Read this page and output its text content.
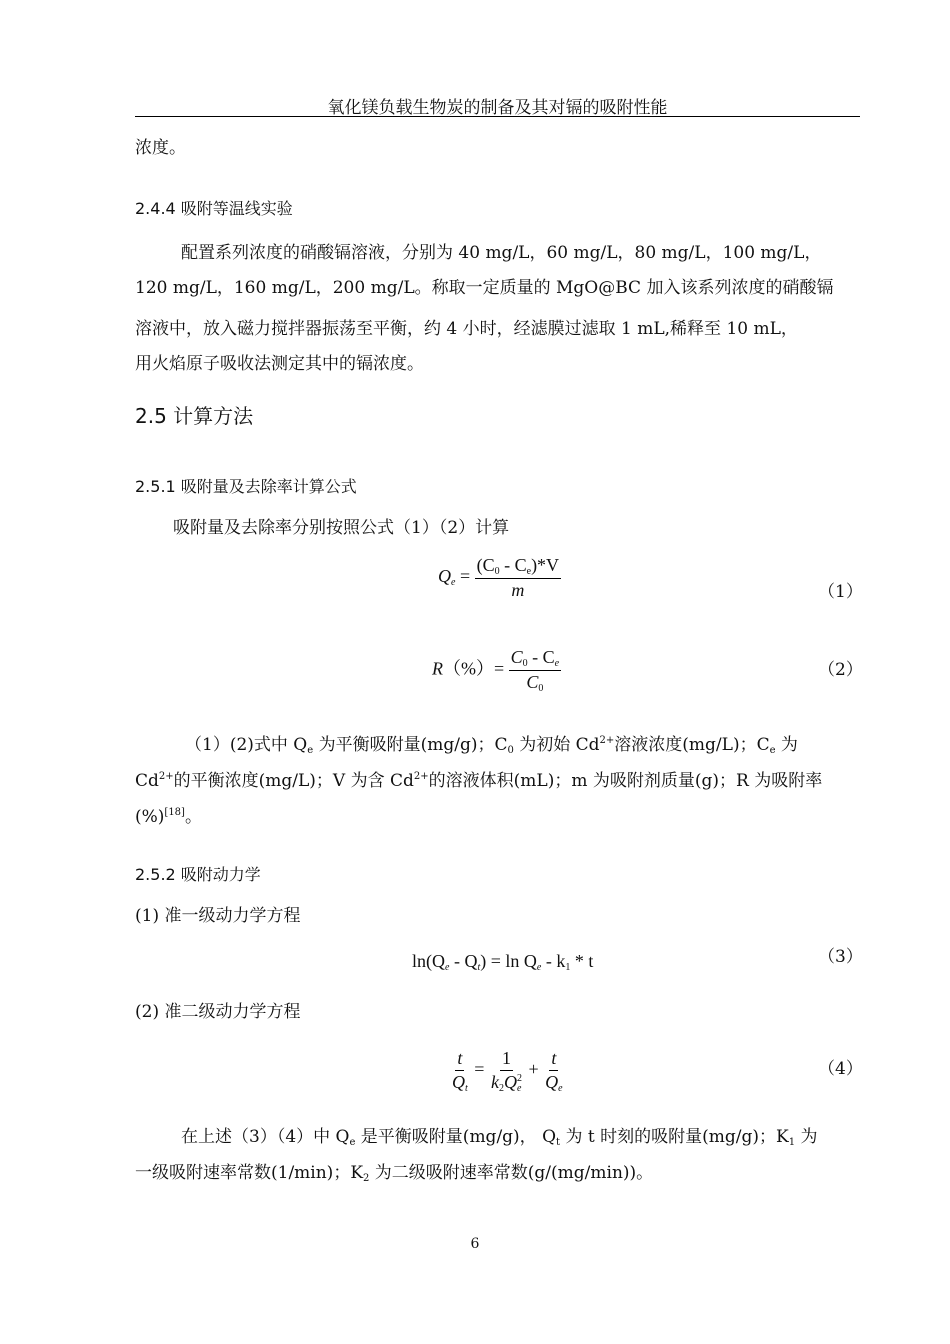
氧化镁负载生物炭的制备及其对镉的吸附性能
浓度。
2.4.4 吸附等温线实验
配置系列浓度的硝酸镉溶液，分别为 40 mg/L，60 mg/L，80 mg/L，100 mg/L，
120 mg/L，160 mg/L，200 mg/L。称取一定质量的 MgO@BC 加入该系列浓度的硝酸镉
溶液中，放入磁力搅拌器振荡至平衡，约 4 小时，经滤膜过滤取 1 mL,稀释至 10 mL，
用火焰原子吸收法测定其中的镉浓度。
2.5 计算方法
2.5.1 吸附量及去除率计算公式
吸附量及去除率分别按照公式（1）（2）计算
$Qe = \frac{(C0 - Ce)*V}{m}$	（1）
$R(\%)= \frac{C0 - Ce}{C0}$	（2）
（1）(2)式中 Qe 为平衡吸附量(mg/g)；C0 为初始 $Cd^{2+}$溶液浓度(mg/L)；Ce 为
$Cd^{2+}$的平衡浓度(mg/L)；V 为含 $Cd^{2+}$的溶液体积(mL)；m 为吸附剂质量(g)；R 为吸附率
(%)[18]。
2.5.2 吸附动力学
(1) 准一级动力学方程
ln(Qe - Qt) = ln Qe - k1 * t	（3）
(2) 准二级动力学方程
$\frac{t}{Qt} = 1$
k2Q 2
$e + \frac{t}{Qe}$	（4）
在上述（3）（4）中 Qe 是平衡吸附量(mg/g)， Qt 为 t 时刻的吸附量(mg/g)；K1 为
一级吸附速率常数(1/min)；K2 为二级吸附速率常数(g/(mg/min))。
6
